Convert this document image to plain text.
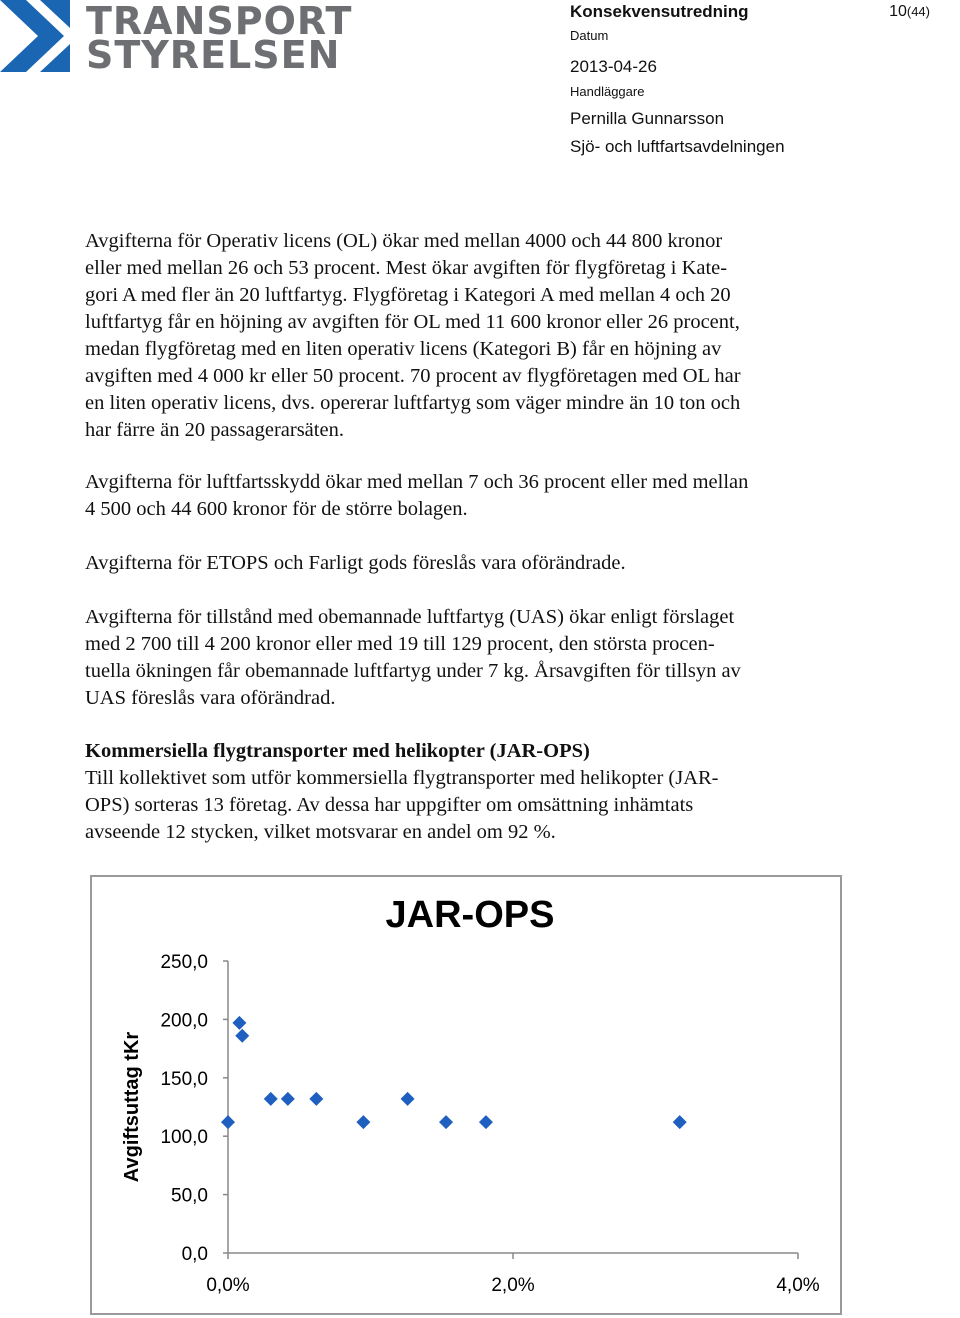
TRANSPORT
STYRELSEN
Konsekvensutredning
Datum
2013-04-26
Handläggare
Pernilla Gunnarsson
Sjö- och luftfartsavdelningen
10(44)
Avgifterna för Operativ licens (OL) ökar med mellan 4000 och 44 800 kronor
eller med mellan 26 och 53 procent. Mest ökar avgiften för flygföretag i Kate-
gori A med fler än 20 luftfartyg. Flygföretag i Kategori A med mellan 4 och 20
luftfartyg får en höjning av avgiften för OL med 11 600 kronor eller 26 procent,
medan flygföretag med en liten operativ licens (Kategori B) får en höjning av
avgiften med 4 000 kr eller 50 procent. 70 procent av flygföretagen med OL har
en liten operativ licens, dvs. opererar luftfartyg som väger mindre än 10 ton och
har färre än 20 passagerarsäten.
Avgifterna för luftfartsskydd ökar med mellan 7 och 36 procent eller med mellan
4 500 och 44 600 kronor för de större bolagen.
Avgifterna för ETOPS och Farligt gods föreslås vara oförändrade.
Avgifterna för tillstånd med obemannade luftfartyg (UAS) ökar enligt förslaget
med 2 700 till 4 200 kronor eller med 19 till 129 procent, den största procen-
tuella ökningen får obemannade luftfartyg under 7 kg. Årsavgiften för tillsyn av
UAS föreslås vara oförändrad.
Kommersiella flygtransporter med helikopter (JAR-OPS)
Till kollektivet som utför kommersiella flygtransporter med helikopter (JAR-
OPS) sorteras 13 företag. Av dessa har uppgifter om omsättning inhämtats
avseende 12 stycken, vilket motsvarar en andel om 92 %.
JAR-OPS
Avgiftsuttag tKr
250,0
200,0
150,0
100,0
50,0
0,0
0,0%	2,0%	4,0%
